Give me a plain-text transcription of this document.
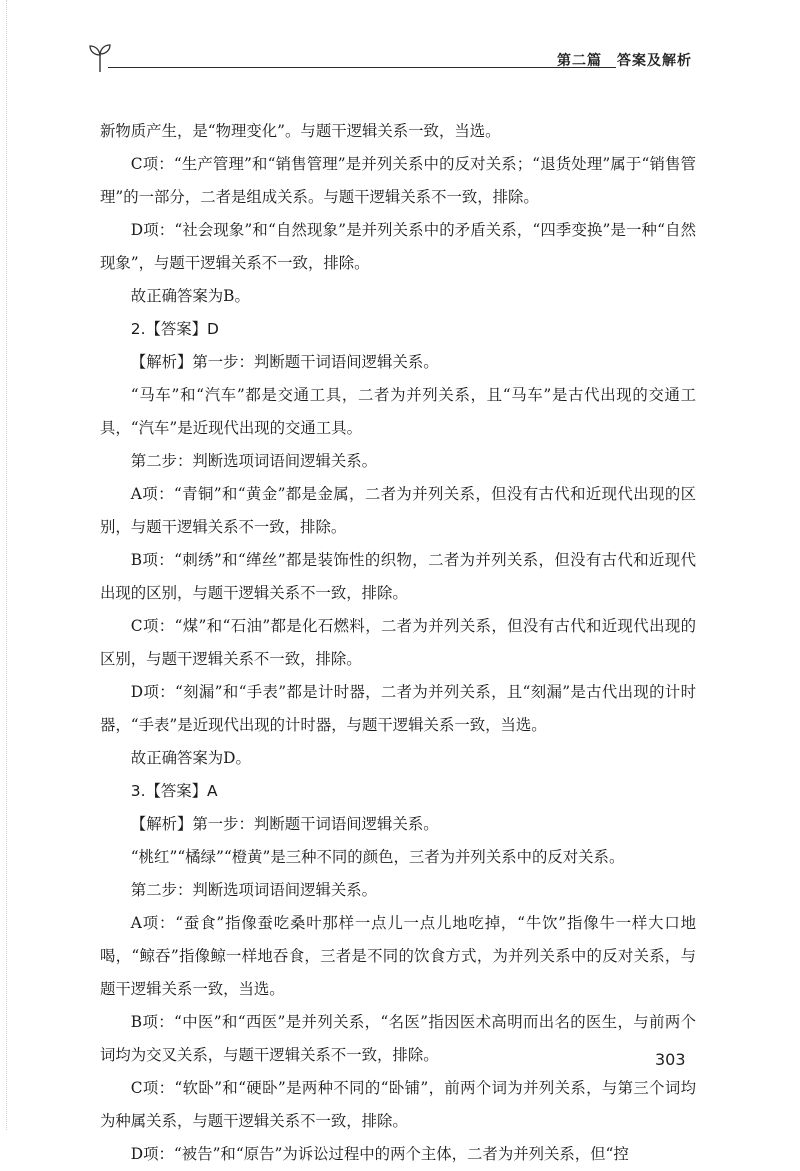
第二篇　答案及解析

新物质产生，是“物理变化”。与题干逻辑关系一致，当选。

C项：“生产管理”和“销售管理”是并列关系中的反对关系；“退货处理”属于“销售管理”的一部分，二者是组成关系。与题干逻辑关系不一致，排除。

D项：“社会现象”和“自然现象”是并列关系中的矛盾关系，“四季变换”是一种“自然现象”，与题干逻辑关系不一致，排除。

故正确答案为B。

2.【答案】D

【解析】第一步：判断题干词语间逻辑关系。

“马车”和“汽车”都是交通工具，二者为并列关系，且“马车”是古代出现的交通工具，“汽车”是近现代出现的交通工具。

第二步：判断选项词语间逻辑关系。

A项：“青铜”和“黄金”都是金属，二者为并列关系，但没有古代和近现代出现的区别，与题干逻辑关系不一致，排除。

B项：“刺绣”和“缂丝”都是装饰性的织物，二者为并列关系，但没有古代和近现代出现的区别，与题干逻辑关系不一致，排除。

C项：“煤”和“石油”都是化石燃料，二者为并列关系，但没有古代和近现代出现的区别，与题干逻辑关系不一致，排除。

D项：“刻漏”和“手表”都是计时器，二者为并列关系，且“刻漏”是古代出现的计时器，“手表”是近现代出现的计时器，与题干逻辑关系一致，当选。

故正确答案为D。

3.【答案】A

【解析】第一步：判断题干词语间逻辑关系。

“桃红”“橘绿”“橙黄”是三种不同的颜色，三者为并列关系中的反对关系。

第二步：判断选项词语间逻辑关系。

A项：“蚕食”指像蚕吃桑叶那样一点儿一点儿地吃掉，“牛饮”指像牛一样大口地喝，“鲸吞”指像鲸一样地吞食，三者是不同的饮食方式，为并列关系中的反对关系，与题干逻辑关系一致，当选。

B项：“中医”和“西医”是并列关系，“名医”指因医术高明而出名的医生，与前两个词均为交叉关系，与题干逻辑关系不一致，排除。

C项：“软卧”和“硬卧”是两种不同的“卧铺”，前两个词为并列关系，与第三个词均为种属关系，与题干逻辑关系不一致，排除。

D项：“被告”和“原告”为诉讼过程中的两个主体，二者为并列关系，但“控

303
